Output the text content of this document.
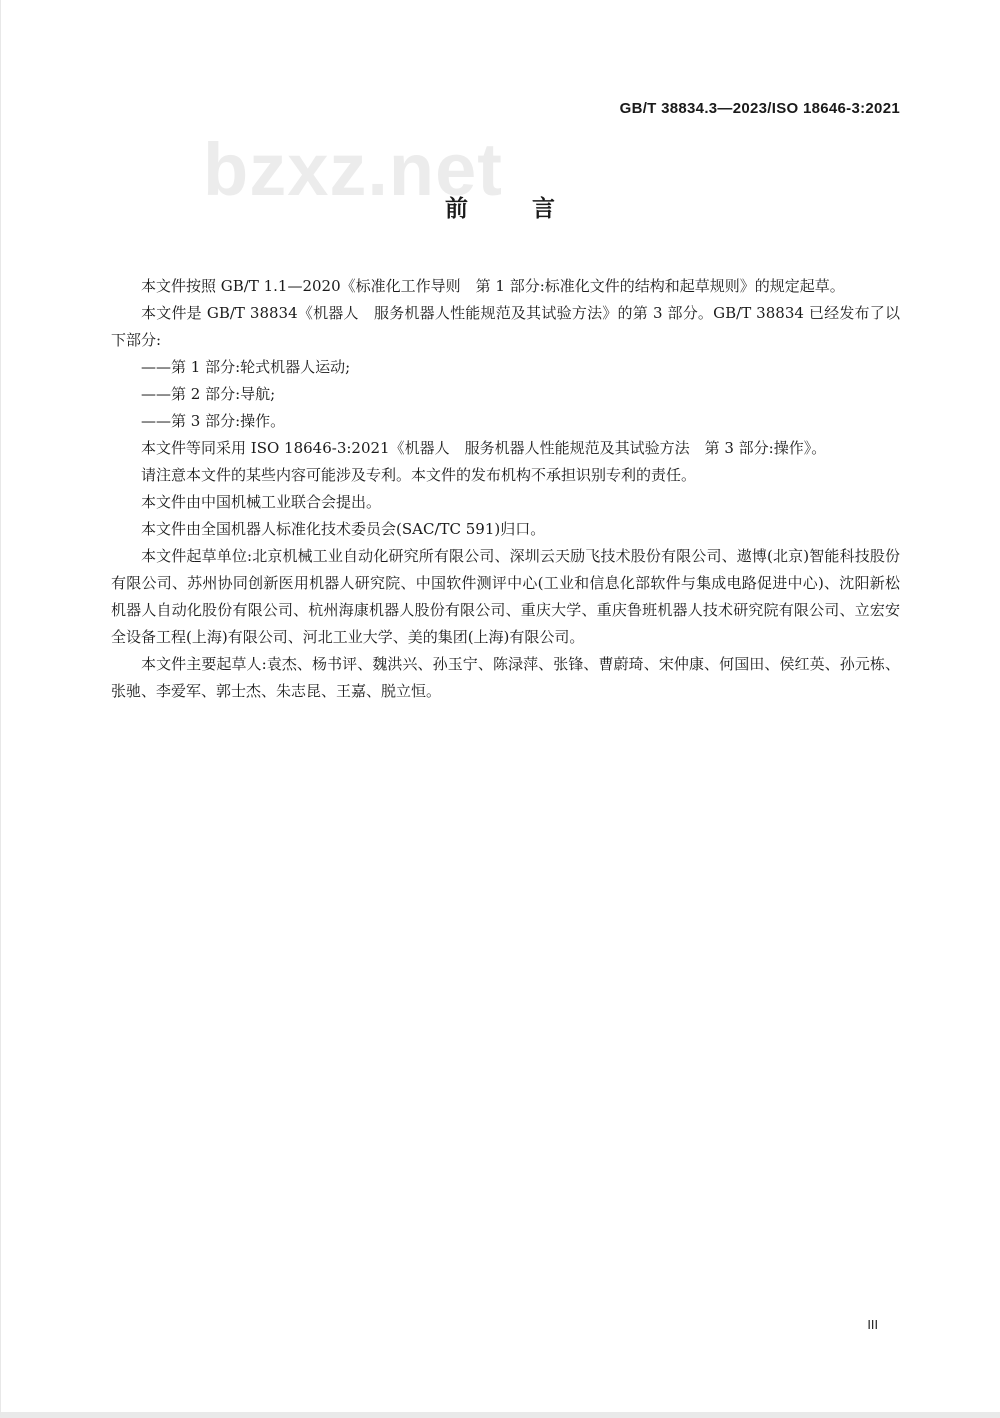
GB/T 38834.3—2023/ISO 18646-3:2021
bzxz.net
前 言

本文件按照 GB/T 1.1—2020《标准化工作导则　第 1 部分:标准化文件的结构和起草规则》的规定起草。

本文件是 GB/T 38834《机器人　服务机器人性能规范及其试验方法》的第 3 部分。GB/T 38834 已经发布了以下部分:

——第 1 部分:轮式机器人运动;

——第 2 部分:导航;

——第 3 部分:操作。

本文件等同采用 ISO 18646-3:2021《机器人　服务机器人性能规范及其试验方法　第 3 部分:操作》。

请注意本文件的某些内容可能涉及专利。本文件的发布机构不承担识别专利的责任。

本文件由中国机械工业联合会提出。

本文件由全国机器人标准化技术委员会(SAC/TC 591)归口。

本文件起草单位:北京机械工业自动化研究所有限公司、深圳云天励飞技术股份有限公司、遨博(北京)智能科技股份有限公司、苏州协同创新医用机器人研究院、中国软件测评中心(工业和信息化部软件与集成电路促进中心)、沈阳新松机器人自动化股份有限公司、杭州海康机器人股份有限公司、重庆大学、重庆鲁班机器人技术研究院有限公司、立宏安全设备工程(上海)有限公司、河北工业大学、美的集团(上海)有限公司。

本文件主要起草人:袁杰、杨书评、魏洪兴、孙玉宁、陈渌萍、张锋、曹蔚琦、宋仲康、何国田、侯红英、孙元栋、张驰、李爱军、郭士杰、朱志昆、王嘉、脱立恒。

III
